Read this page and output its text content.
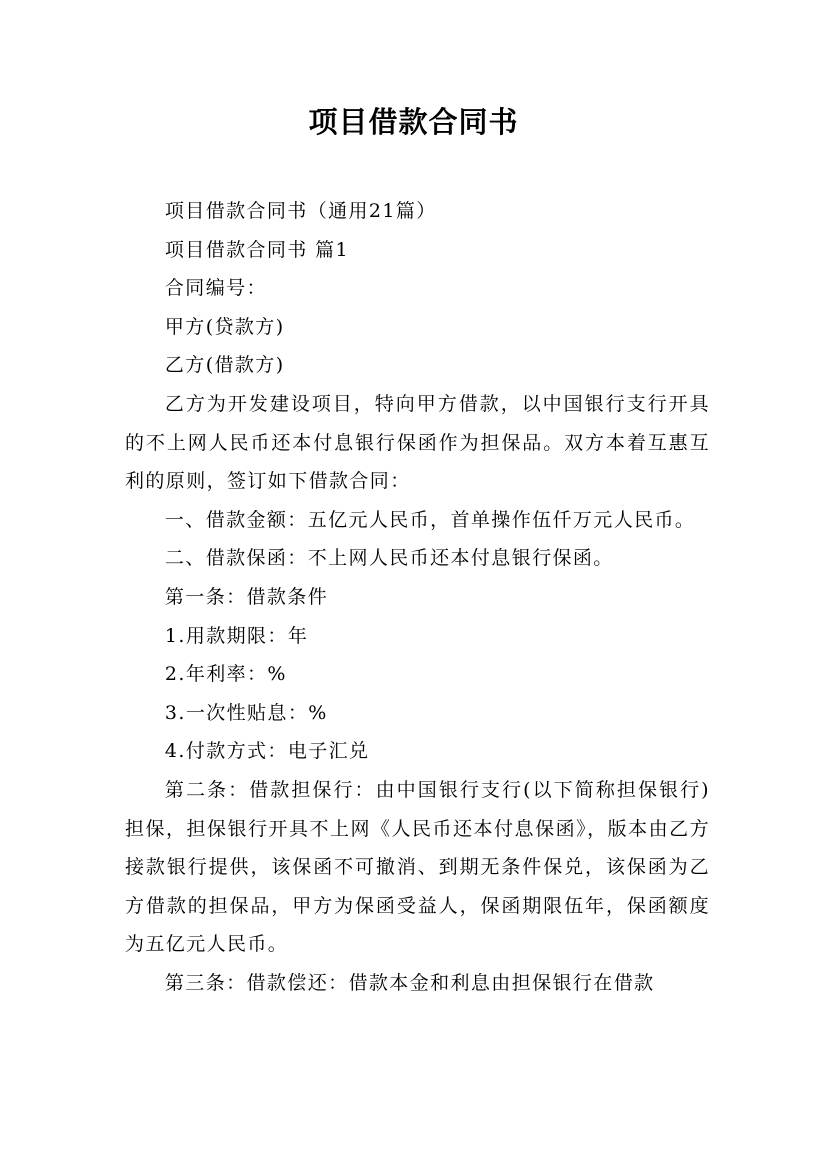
项目借款合同书

项目借款合同书（通用21篇）

项目借款合同书 篇1

合同编号：

甲方(贷款方)

乙方(借款方)

乙方为开发建设项目，特向甲方借款，以中国银行支行开具的不上网人民币还本付息银行保函作为担保品。双方本着互惠互利的原则，签订如下借款合同：

一、借款金额：五亿元人民币，首单操作伍仟万元人民币。

二、借款保函：不上网人民币还本付息银行保函。

第一条：借款条件

1.用款期限：年

2.年利率：%

3.一次性贴息：%

4.付款方式：电子汇兑

第二条：借款担保行：由中国银行支行(以下简称担保银行)担保，担保银行开具不上网《人民币还本付息保函》，版本由乙方接款银行提供，该保函不可撤消、到期无条件保兑，该保函为乙方借款的担保品，甲方为保函受益人，保函期限伍年，保函额度为五亿元人民币。

第三条：借款偿还：借款本金和利息由担保银行在借款
